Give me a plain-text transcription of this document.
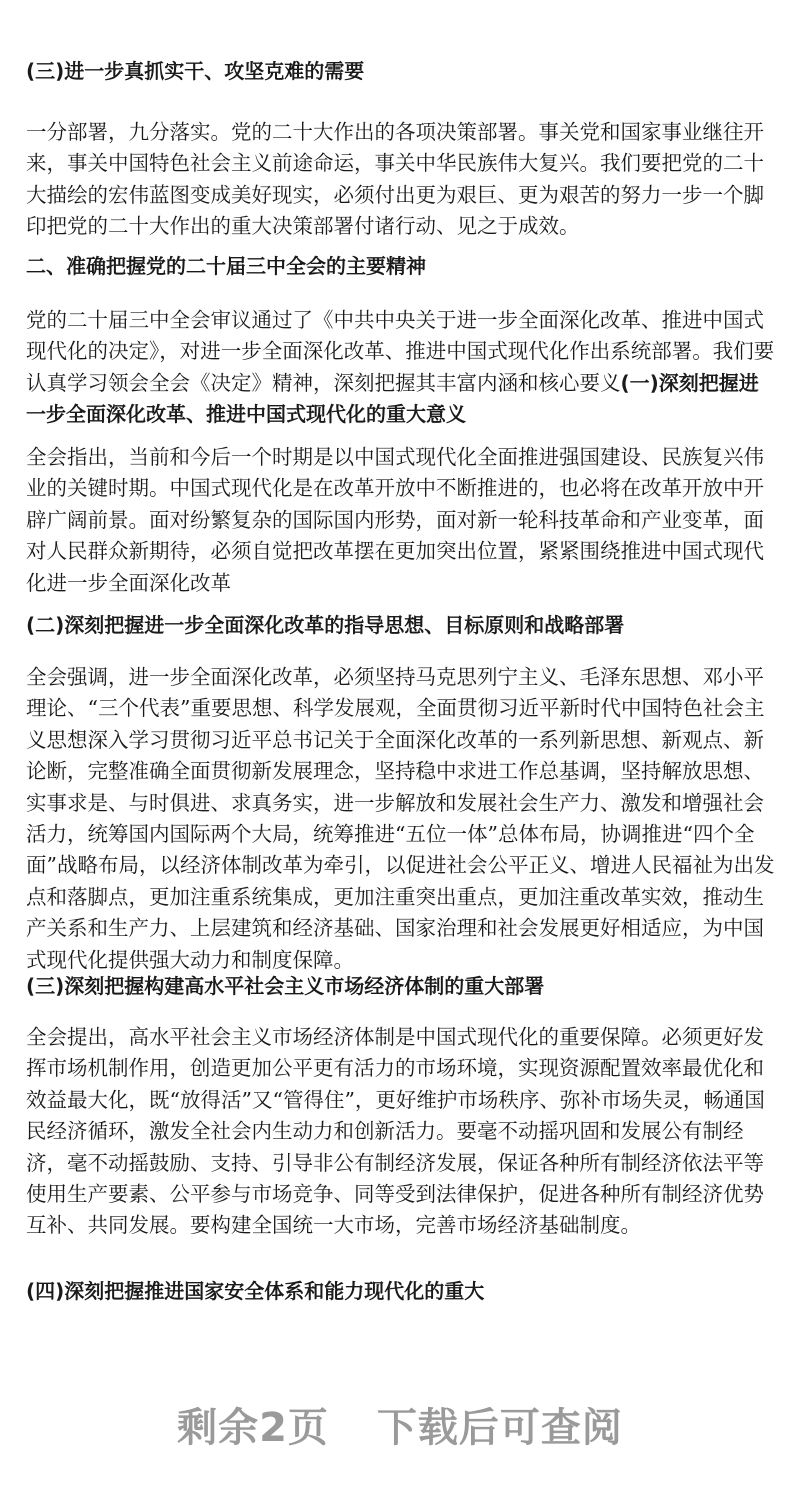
(三)进一步真抓实干、攻坚克难的需要

一分部署，九分落实。党的二十大作出的各项决策部署。事关党和国家事业继往开来，事关中国特色社会主义前途命运，事关中华民族伟大复兴。我们要把党的二十大描绘的宏伟蓝图变成美好现实，必须付出更为艰巨、更为艰苦的努力一步一个脚印把党的二十大作出的重大决策部署付诸行动、见之于成效。

二、准确把握党的二十届三中全会的主要精神

党的二十届三中全会审议通过了《中共中央关于进一步全面深化改革、推进中国式现代化的决定》，对进一步全面深化改革、推进中国式现代化作出系统部署。我们要认真学习领会全会《决定》精神，深刻把握其丰富内涵和核心要义(一)深刻把握进一步全面深化改革、推进中国式现代化的重大意义

全会指出，当前和今后一个时期是以中国式现代化全面推进强国建设、民族复兴伟业的关键时期。中国式现代化是在改革开放中不断推进的，也必将在改革开放中开辟广阔前景。面对纷繁复杂的国际国内形势，面对新一轮科技革命和产业变革，面对人民群众新期待，必须自觉把改革摆在更加突出位置，紧紧围绕推进中国式现代化进一步全面深化改革

(二)深刻把握进一步全面深化改革的指导思想、目标原则和战略部署

全会强调，进一步全面深化改革，必须坚持马克思列宁主义、毛泽东思想、邓小平理论、“三个代表”重要思想、科学发展观，全面贯彻习近平新时代中国特色社会主义思想深入学习贯彻习近平总书记关于全面深化改革的一系列新思想、新观点、新论断，完整准确全面贯彻新发展理念，坚持稳中求进工作总基调，坚持解放思想、实事求是、与时俱进、求真务实，进一步解放和发展社会生产力、激发和增强社会活力，统筹国内国际两个大局，统筹推进“五位一体”总体布局，协调推进“四个全面”战略布局，以经济体制改革为牵引，以促进社会公平正义、增进人民福祉为出发点和落脚点，更加注重系统集成，更加注重突出重点，更加注重改革实效，推动生产关系和生产力、上层建筑和经济基础、国家治理和社会发展更好相适应，为中国式现代化提供强大动力和制度保障。

(三)深刻把握构建高水平社会主义市场经济体制的重大部署

全会提出，高水平社会主义市场经济体制是中国式现代化的重要保障。必须更好发挥市场机制作用，创造更加公平更有活力的市场环境，实现资源配置效率最优化和效益最大化，既“放得活”又“管得住”，更好维护市场秩序、弥补市场失灵，畅通国民经济循环，激发全社会内生动力和创新活力。要毫不动摇巩固和发展公有制经济，毫不动摇鼓励、支持、引导非公有制经济发展，保证各种所有制经济依法平等使用生产要素、公平参与市场竞争、同等受到法律保护，促进各种所有制经济优势互补、共同发展。要构建全国统一大市场，完善市场经济基础制度。

(四)深刻把握推进国家安全体系和能力现代化的重大
剩余2页 下载后可查阅
